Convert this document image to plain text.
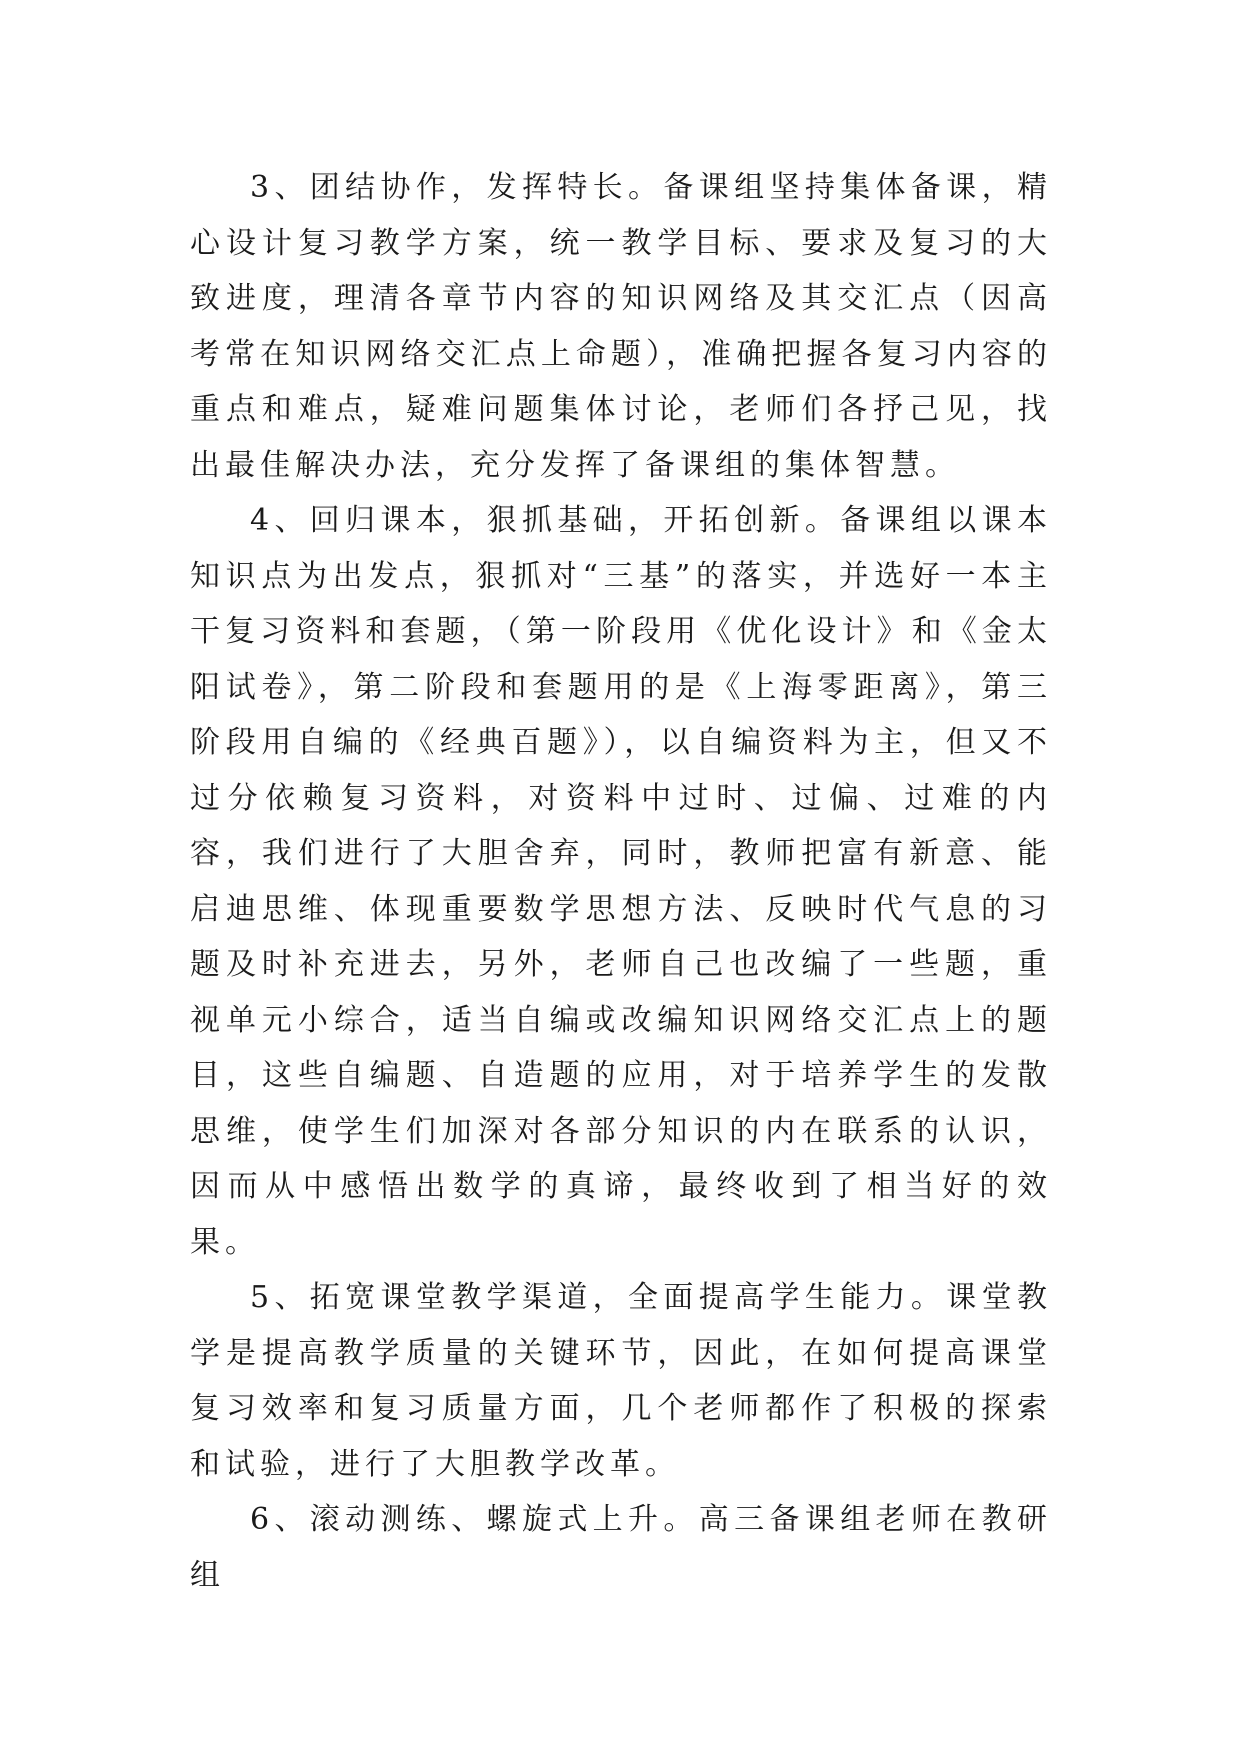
3、团结协作，发挥特长。备课组坚持集体备课，精心设计复习教学方案，统一教学目标、要求及复习的大致进度，理清各章节内容的知识网络及其交汇点（因高考常在知识网络交汇点上命题），准确把握各复习内容的重点和难点，疑难问题集体讨论，老师们各抒己见，找出最佳解决办法，充分发挥了备课组的集体智慧。

4、回归课本，狠抓基础，开拓创新。备课组以课本知识点为出发点，狠抓对“三基”的落实，并选好一本主干复习资料和套题，（第一阶段用《优化设计》和《金太阳试卷》，第二阶段和套题用的是《上海零距离》，第三阶段用自编的《经典百题》），以自编资料为主，但又不过分依赖复习资料，对资料中过时、过偏、过难的内容，我们进行了大胆舍弃，同时，教师把富有新意、能启迪思维、体现重要数学思想方法、反映时代气息的习题及时补充进去，另外，老师自己也改编了一些题，重视单元小综合，适当自编或改编知识网络交汇点上的题目，这些自编题、自造题的应用，对于培养学生的发散思维，使学生们加深对各部分知识的内在联系的认识，因而从中感悟出数学的真谛，最终收到了相当好的效果。

5、拓宽课堂教学渠道，全面提高学生能力。课堂教学是提高教学质量的关键环节，因此，在如何提高课堂复习效率和复习质量方面，几个老师都作了积极的探索和试验，进行了大胆教学改革。

6、滚动测练、螺旋式上升。高三备课组老师在教研组
